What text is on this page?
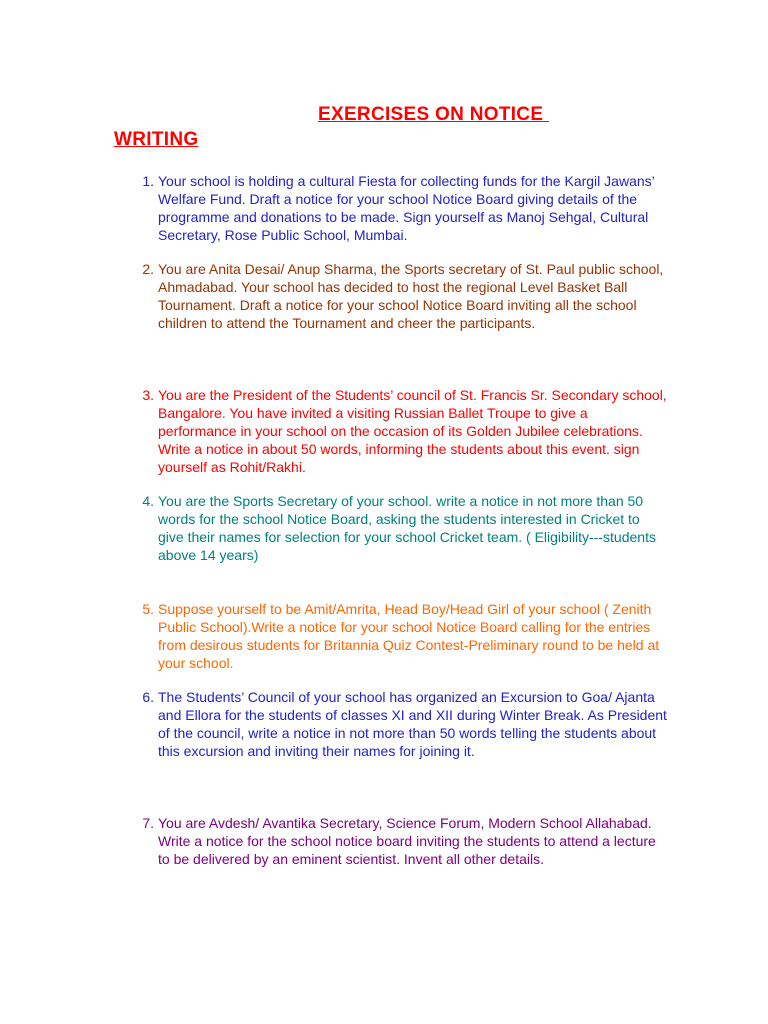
EXERCISES ON NOTICE
WRITING
1. Your school is holding a cultural Fiesta for collecting funds for the Kargil Jawans’ Welfare Fund. Draft a notice for your school Notice Board giving details of the programme and donations to be made. Sign yourself as Manoj Sehgal, Cultural Secretary, Rose Public School, Mumbai.

2. You are Anita Desai/ Anup Sharma, the Sports secretary of St. Paul public school, Ahmadabad. Your school has decided to host the regional Level Basket Ball Tournament. Draft a notice for your school Notice Board inviting all the school children to attend the Tournament and cheer the participants.

3. You are the President of the Students’ council of St. Francis Sr. Secondary school, Bangalore. You have invited a visiting Russian Ballet Troupe to give a performance in your school on the occasion of its Golden Jubilee celebrations. Write a notice in about 50 words, informing the students about this event. sign yourself as Rohit/Rakhi.

4. You are the Sports Secretary of your school. write a notice in not more than 50 words for the school Notice Board, asking the students interested in Cricket to give their names for selection for your school Cricket team. ( Eligibility---students above 14 years)

5. Suppose yourself to be Amit/Amrita, Head Boy/Head Girl of your school ( Zenith Public School).Write a notice for your school Notice Board calling for the entries from desirous students for Britannia Quiz Contest-Preliminary round to be held at your school.

6. The Students’ Council of your school has organized an Excursion to Goa/ Ajanta and Ellora for the students of classes XI and XII during Winter Break. As President of the council, write a notice in not more than 50 words telling the students about this excursion and inviting their names for joining it.

7. You are Avdesh/ Avantika Secretary, Science Forum, Modern School Allahabad. Write a notice for the school notice board inviting the students to attend a lecture to be delivered by an eminent scientist. Invent all other details.
